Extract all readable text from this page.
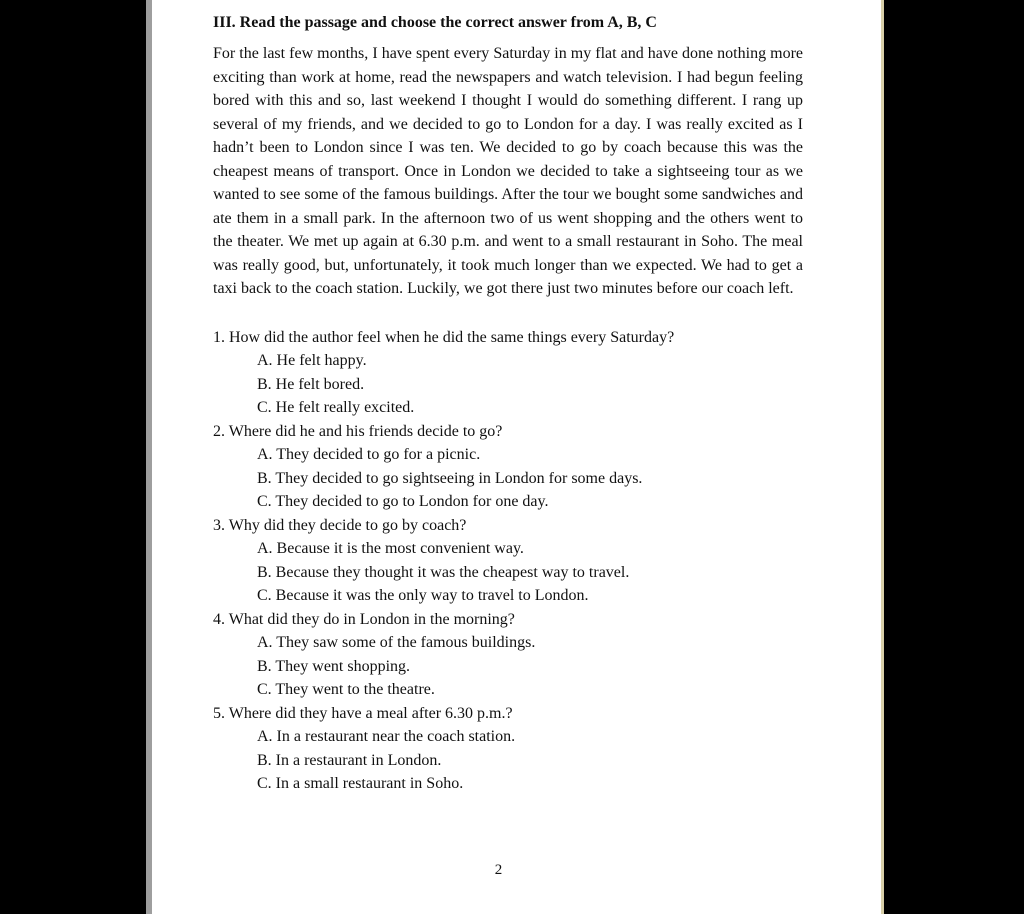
III. Read the passage and choose the correct answer from A, B, C
For the last few months, I have spent every Saturday in my flat and have done nothing more exciting than work at home, read the newspapers and watch television. I had begun feeling bored with this and so, last weekend I thought I would do something different. I rang up several of my friends, and we decided to go to London for a day. I was really excited as I hadn’t been to London since I was ten. We decided to go by coach because this was the cheapest means of transport. Once in London we decided to take a sightseeing tour as we wanted to see some of the famous buildings. After the tour we bought some sandwiches and ate them in a small park. In the afternoon two of us went shopping and the others went to the theater. We met up again at 6.30 p.m. and went to a small restaurant in Soho. The meal was really good, but, unfortunately, it took much longer than we expected. We had to get a taxi back to the coach station. Luckily, we got there just two minutes before our coach left.
1. How did the author feel when he did the same things every Saturday?
A. He felt happy.
B. He felt bored.
C. He felt really excited.
2. Where did he and his friends decide to go?
A. They decided to go for a picnic.
B. They decided to go sightseeing in London for some days.
C. They decided to go to London for one day.
3. Why did they decide to go by coach?
A. Because it is the most convenient way.
B. Because they thought it was the cheapest way to travel.
C. Because it was the only way to travel to London.
4. What did they do in London in the morning?
A. They saw some of the famous buildings.
B. They went shopping.
C. They went to the theatre.
5. Where did they have a meal after 6.30 p.m.?
A. In a restaurant near the coach station.
B. In a restaurant in London.
C. In a small restaurant in Soho.
2
